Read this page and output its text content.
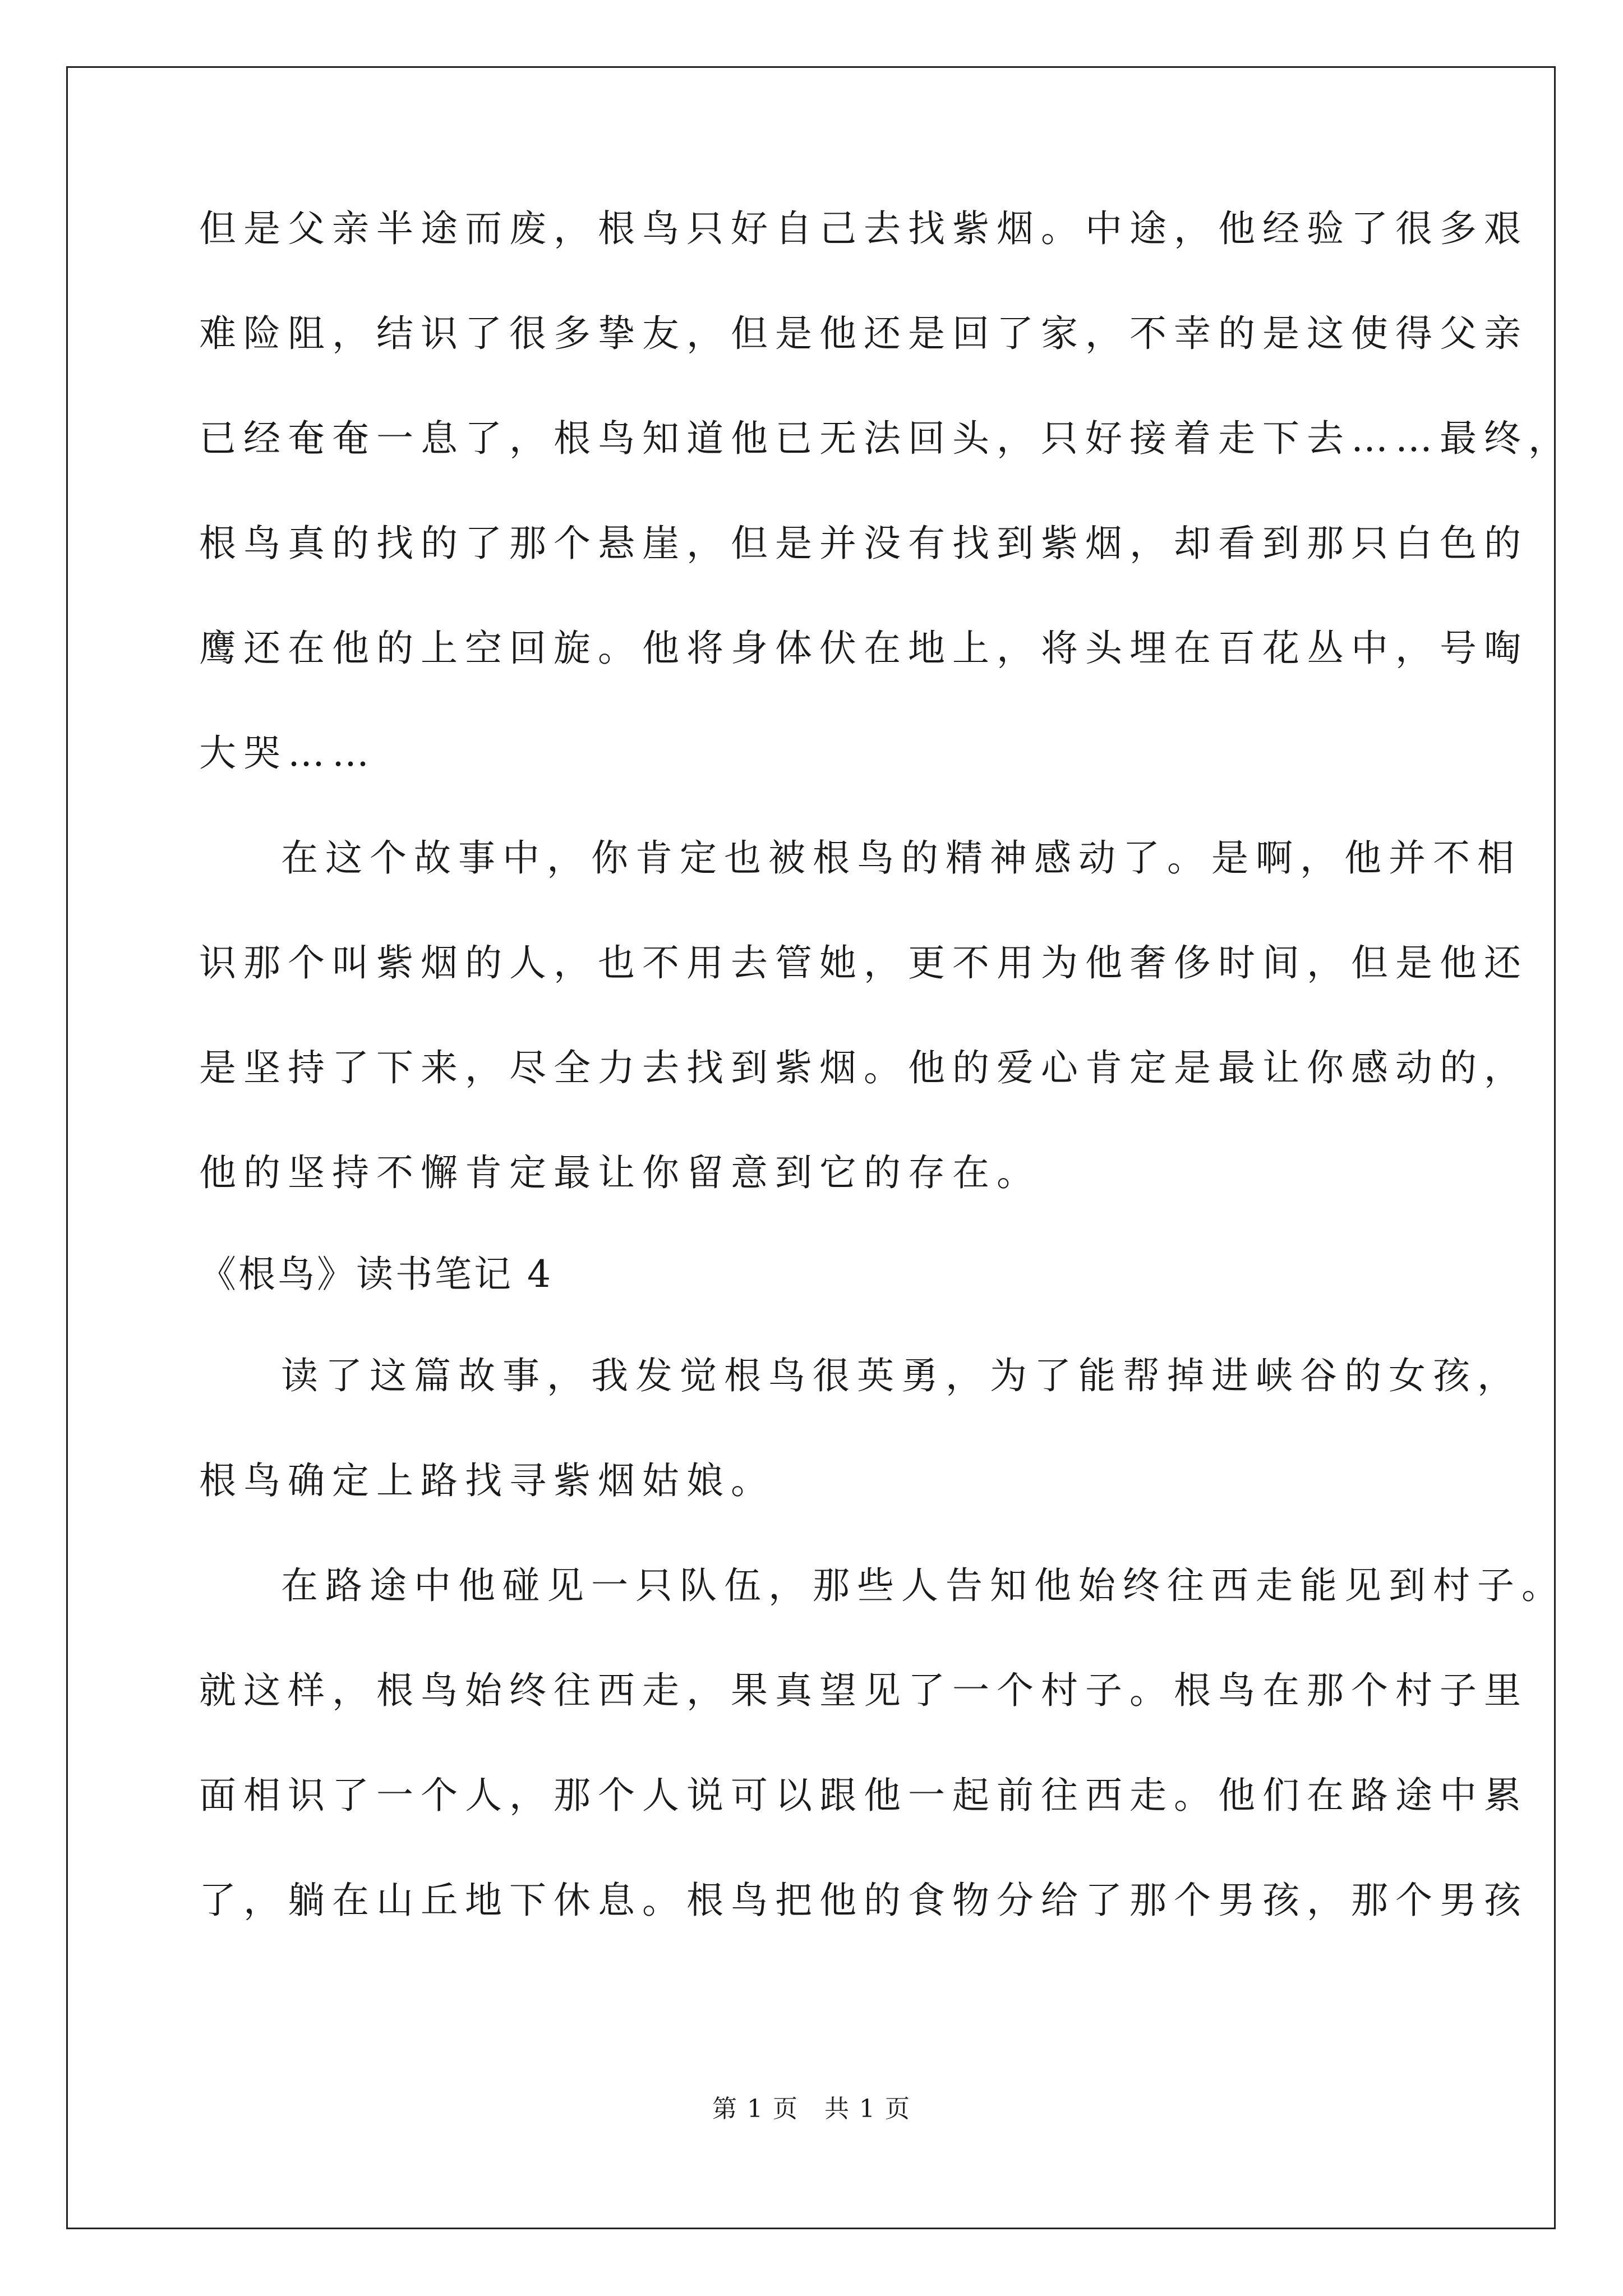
但是父亲半途而废，根鸟只好自己去找紫烟。中途，他经验了很多艰
难险阻，结识了很多挚友，但是他还是回了家，不幸的是这使得父亲
已经奄奄一息了，根鸟知道他已无法回头，只好接着走下去……最终，
根鸟真的找的了那个悬崖，但是并没有找到紫烟，却看到那只白色的
鹰还在他的上空回旋。他将身体伏在地上，将头埋在百花丛中，号啕
大哭……
在这个故事中，你肯定也被根鸟的精神感动了。是啊，他并不相
识那个叫紫烟的人，也不用去管她，更不用为他奢侈时间，但是他还
是坚持了下来，尽全力去找到紫烟。他的爱心肯定是最让你感动的，
他的坚持不懈肯定最让你留意到它的存在。
《根鸟》读书笔记 4
读了这篇故事，我发觉根鸟很英勇，为了能帮掉进峡谷的女孩，
根鸟确定上路找寻紫烟姑娘。
在路途中他碰见一只队伍，那些人告知他始终往西走能见到村子。
就这样，根鸟始终往西走，果真望见了一个村子。根鸟在那个村子里
面相识了一个人，那个人说可以跟他一起前往西走。他们在路途中累
了，躺在山丘地下休息。根鸟把他的食物分给了那个男孩，那个男孩
第 1 页　共 1 页
